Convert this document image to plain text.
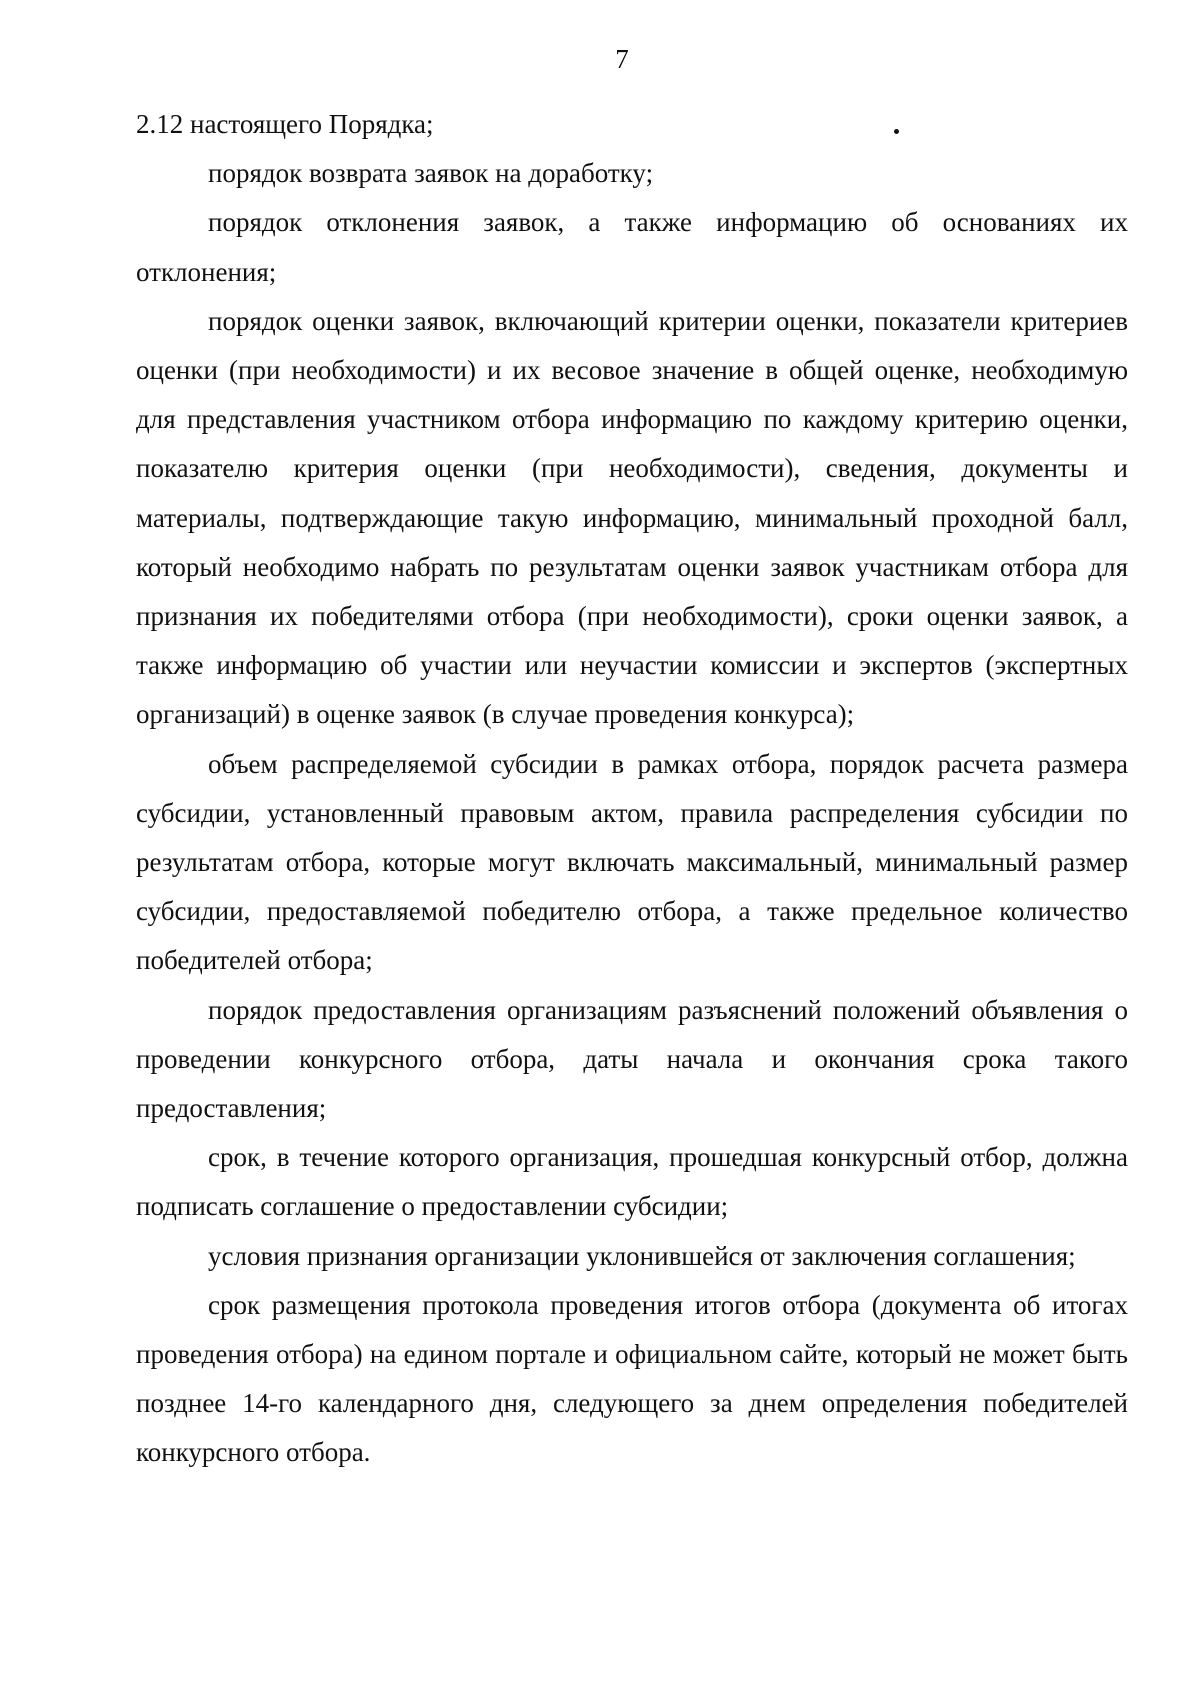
7

2.12 настоящего Порядка;

порядок возврата заявок на доработку;

порядок отклонения заявок, а также информацию об основаниях их отклонения;

порядок оценки заявок, включающий критерии оценки, показатели критериев оценки (при необходимости) и их весовое значение в общей оценке, необходимую для представления участником отбора информацию по каждому критерию оценки, показателю критерия оценки (при необходимости), сведения, документы и материалы, подтверждающие такую информацию, минимальный проходной балл, который необходимо набрать по результатам оценки заявок участникам отбора для признания их победителями отбора (при необходимости), сроки оценки заявок, а также информацию об участии или неучастии комиссии и экспертов (экспертных организаций) в оценке заявок (в случае проведения конкурса);

объем распределяемой субсидии в рамках отбора, порядок расчета размера субсидии, установленный правовым актом, правила распределения субсидии по результатам отбора, которые могут включать максимальный, минимальный размер субсидии, предоставляемой победителю отбора, а также предельное количество победителей отбора;

порядок предоставления организациям разъяснений положений объявления о проведении конкурсного отбора, даты начала и окончания срока такого предоставления;

срок, в течение которого организация, прошедшая конкурсный отбор, должна подписать соглашение о предоставлении субсидии;

условия признания организации уклонившейся от заключения соглашения;

срок размещения протокола проведения итогов отбора (документа об итогах проведения отбора) на едином портале и официальном сайте, который не может быть позднее 14-го календарного дня, следующего за днем определения победителей конкурсного отбора.
